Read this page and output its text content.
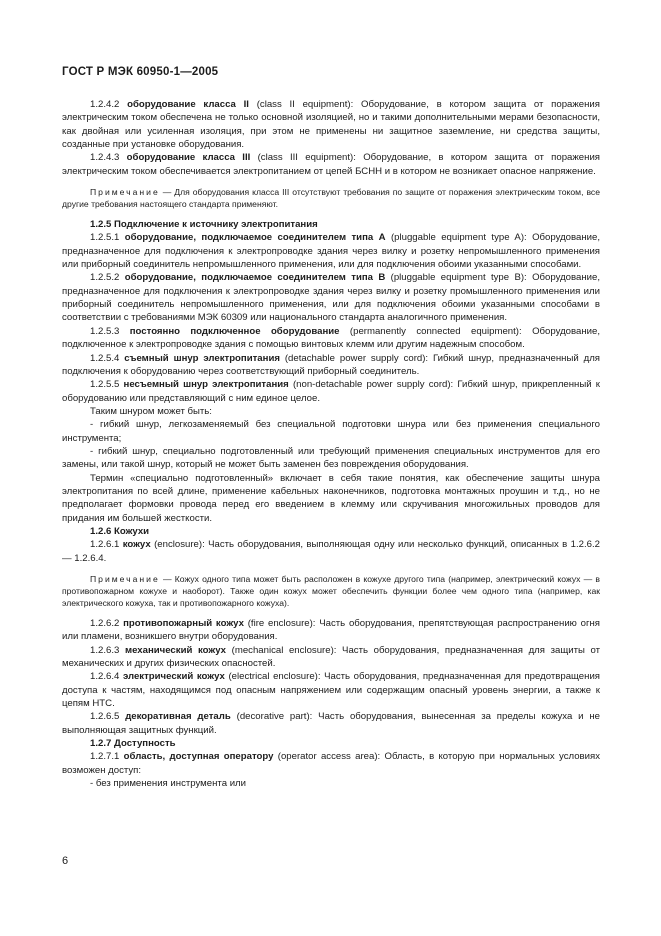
ГОСТ Р МЭК 60950-1—2005

1.2.4.2 оборудование класса II (class II equipment): Оборудование, в котором защита от поражения электрическим током обеспечена не только основной изоляцией, но и такими дополнительными мерами безопасности, как двойная или усиленная изоляция, при этом не применены ни защитное заземление, ни средства защиты, созданные при установке оборудования.

1.2.4.3 оборудование класса III (class III equipment): Оборудование, в котором защита от поражения электрическим током обеспечивается электропитанием от цепей БСНН и в котором не возникает опасное напряжение.

Примечание — Для оборудования класса III отсутствуют требования по защите от поражения электрическим током, все другие требования настоящего стандарта применяют.

1.2.5 Подключение к источнику электропитания

1.2.5.1 оборудование, подключаемое соединителем типа А (pluggable equipment type A): Оборудование, предназначенное для подключения к электропроводке здания через вилку и розетку непромышленного применения или приборный соединитель непромышленного применения, или для подключения обоими указанными способами.

1.2.5.2 оборудование, подключаемое соединителем типа В (pluggable equipment type B): Оборудование, предназначенное для подключения к электропроводке здания через вилку и розетку промышленного применения или приборный соединитель непромышленного применения, или для подключения обоими указанными способами в соответствии с требованиями МЭК 60309 или национального стандарта аналогичного применения.

1.2.5.3 постоянно подключенное оборудование (permanently connected equipment): Оборудование, подключенное к электропроводке здания с помощью винтовых клемм или другим надежным способом.

1.2.5.4 съемный шнур электропитания (detachable power supply cord): Гибкий шнур, предназначенный для подключения к оборудованию через соответствующий приборный соединитель.

1.2.5.5 несъемный шнур электропитания (non-detachable power supply cord): Гибкий шнур, прикрепленный к оборудованию или представляющий с ним единое целое.

Таким шнуром может быть:

- гибкий шнур, легкозаменяемый без специальной подготовки шнура или без применения специального инструмента;

- гибкий шнур, специально подготовленный или требующий применения специальных инструментов для его замены, или такой шнур, который не может быть заменен без повреждения оборудования.

Термин «специально подготовленный» включает в себя такие понятия, как обеспечение защиты шнура электропитания по всей длине, применение кабельных наконечников, подготовка монтажных проушин и т.д., но не предполагает формовки провода перед его введением в клемму или скручивания многожильных проводов для придания им большей жесткости.

1.2.6 Кожухи

1.2.6.1 кожух (enclosure): Часть оборудования, выполняющая одну или несколько функций, описанных в 1.2.6.2 — 1.2.6.4.

Примечание — Кожух одного типа может быть расположен в кожухе другого типа (например, электрический кожух — в противопожарном кожухе и наоборот). Также один кожух может обеспечить функции более чем одного типа (например, как электрического кожуха, так и противопожарного кожуха).

1.2.6.2 противопожарный кожух (fire enclosure): Часть оборудования, препятствующая распространению огня или пламени, возникшего внутри оборудования.

1.2.6.3 механический кожух (mechanical enclosure): Часть оборудования, предназначенная для защиты от механических и других физических опасностей.

1.2.6.4 электрический кожух (electrical enclosure): Часть оборудования, предназначенная для предотвращения доступа к частям, находящимся под опасным напряжением или содержащим опасный уровень энергии, а также к цепям НТС.

1.2.6.5 декоративная деталь (decorative part): Часть оборудования, вынесенная за пределы кожуха и не выполняющая защитных функций.

1.2.7 Доступность

1.2.7.1 область, доступная оператору (operator access area): Область, в которую при нормальных условиях возможен доступ:

- без применения инструмента или

6
